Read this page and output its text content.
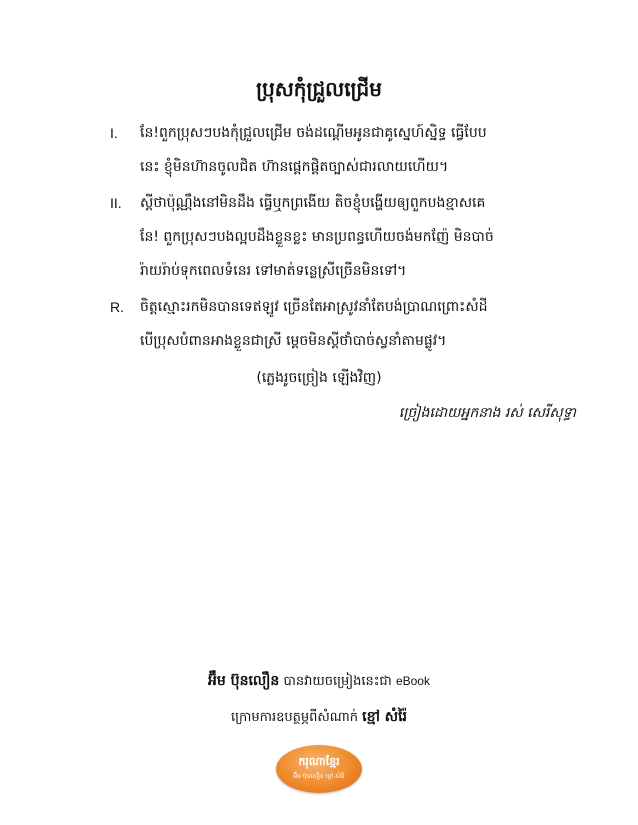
ប្រុសកុំជ្រួលជ្រើម
I. នែ!ពួកប្រុសៗបងកុំជ្រួលជ្រើម ចង់ដណ្តើមអូនជាគូស្នេហ៍ស្និទ្ធ ធ្វើបែប
នេះ ខ្ញុំមិនហ៊ានចូលជិត ហ៊ានផ្តេកផ្តិតច្បាស់ជារលាយហើយ។
II. ស្ដីថាប៉ុណ្ណឹងនៅមិនដឹង ធ្វើឬកព្រងើយ តិចខ្ញុំបង្ហើយឲ្យពួកបងខ្មាសគេ
នែ! ពួកប្រុសៗបងល្អបដឹងខ្លួនខ្លះ មានប្រពន្ធហើយចង់មកញ៉ែ មិនបាច់
រ៉ាយរ៉ាប់ទុកពេលទំនេរ ទៅមាត់ទន្លេស្រីច្រើនមិនទៅ។
R. ចិត្តស្មោះរកមិនបានទេឥឡូវ ច្រើនតែអាស្រូវនាំតែបង់ប្រាណព្រោះសំដី
បើប្រុសបំពានអាងខ្លួនជាស្រី ម្ដេចមិនស្ដីថាំបាច់ស្វនាំតាមផ្លូវ។
(ភ្លេងរូចច្រៀង ឡើងវិញ)
ច្រៀងដោយអ្នកនាង រស់ សេរីសុទ្ធា
អ៊ឹម ប៊ុនលឿន បានវាយចម្រៀងនេះជា eBook
ក្រោមការឧបត្ថម្ភពីសំណាក់ ខ្មៅ សំរ៉ៃ
ករុណាខ្មែរ
អ៊ឹម ប៊ុនលឿន ខ្មៅ សំរ៉ៃ
